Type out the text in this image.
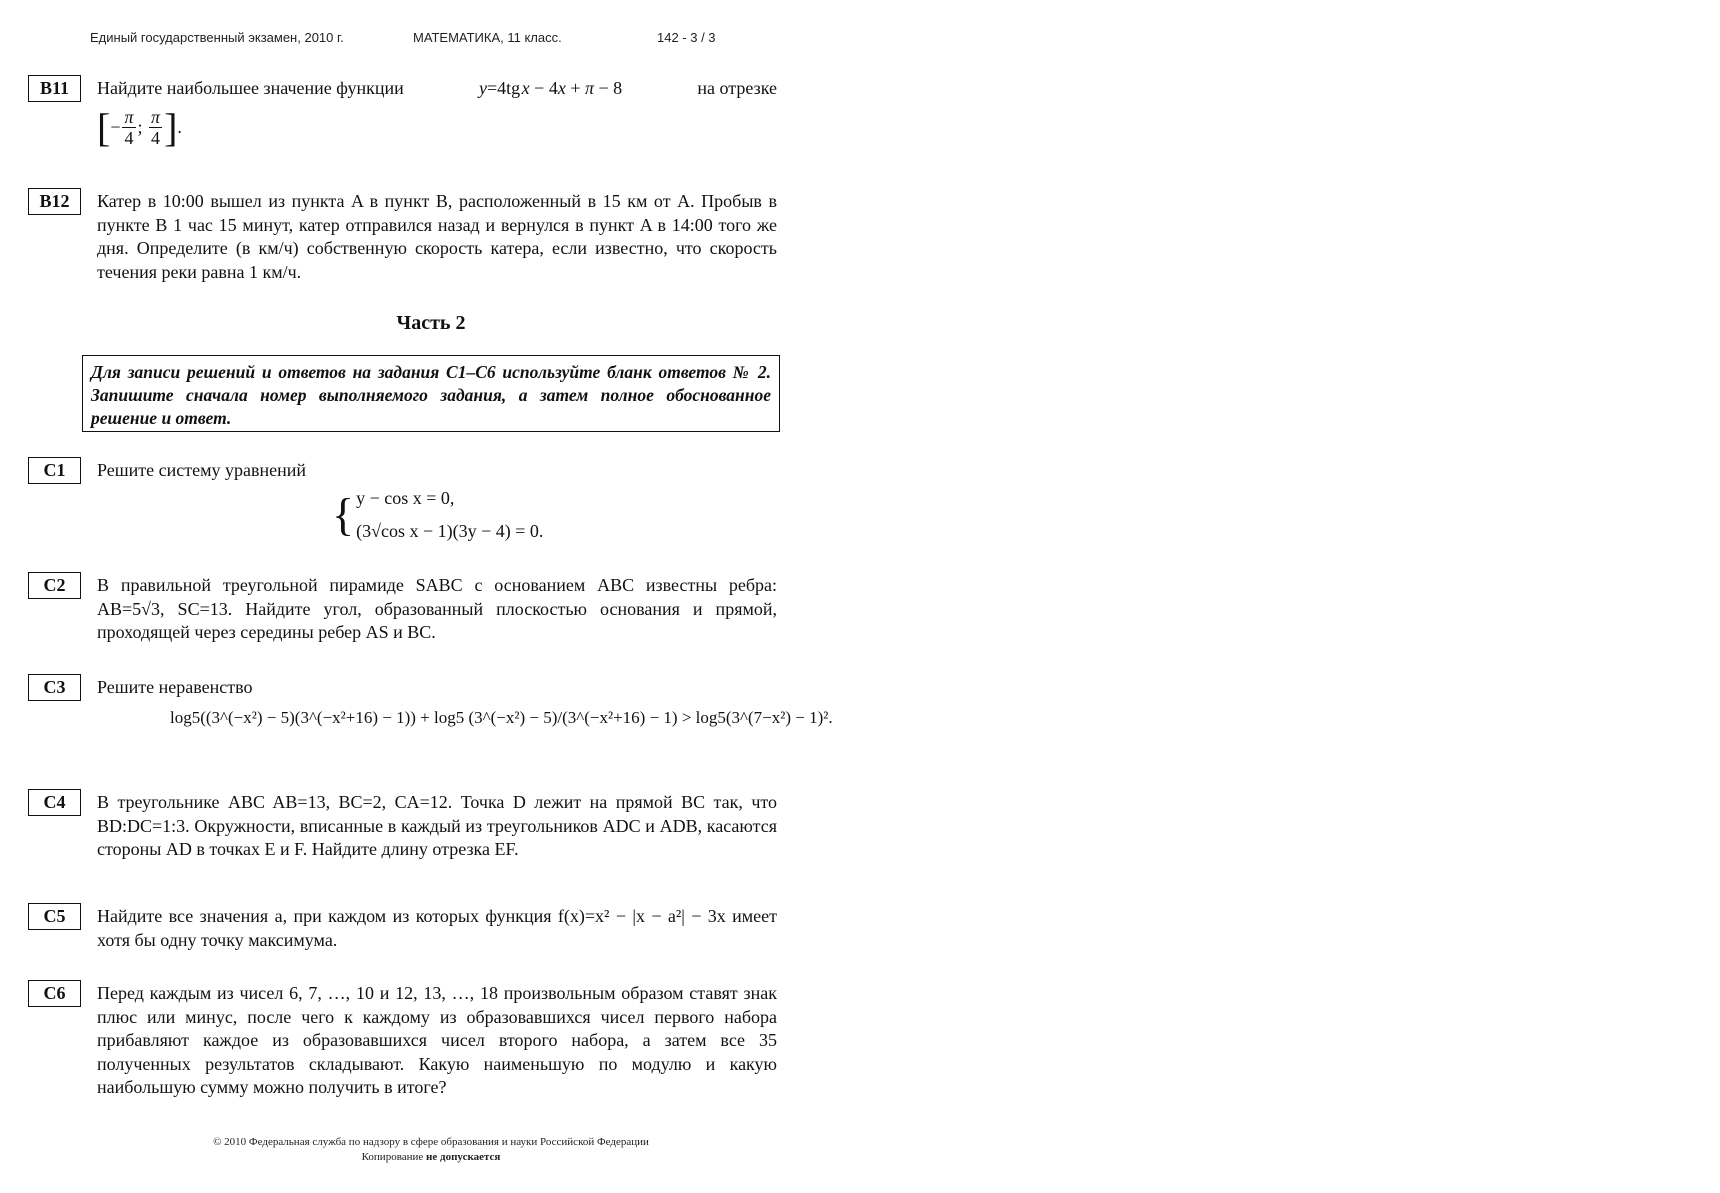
Единый государственный экзамен, 2010 г.	МАТЕМАТИКА, 11 класс.	142 - 3 / 3
B11	Найдите наибольшее значение функции	y=4tg x − 4x + π − 8	на отрезке
[ − $\frac{\pi}{4}$ ; π
4 ] .
B12	Катер в 10:00 вышел из пункта A в пункт B, расположенный в 15 км от A. Пробыв в пункте B 1 час 15 минут, катер отправился назад и вернулся в пункт A в 14:00 того же дня. Определите (в км/ч) собственную скорость катера, если известно, что скорость течения реки равна 1 км/ч.
Часть 2
Для записи решений и ответов на задания С1–С6 используйте бланк ответов № 2. Запишите сначала номер выполняемого задания, а затем полное обоснованное решение и ответ.
C1	Решите систему уравнений
{ y − cos x = 0,
(3√cos x − 1)(3y − 4) = 0.
C2	В правильной треугольной пирамиде SABC с основанием ABC известны ребра: AB=5√3, SC=13. Найдите угол, образованный плоскостью основания и прямой, проходящей через середины ребер AS и BC.
C3	Решите неравенство
log5((3^(−x²) − 5)(3^(−x²+16) − 1)) + log5 (3^(−x²) − 5)/(3^(−x²+16) − 1) > log5(3^(7−x²) − 1)².
C4	В треугольнике ABC AB=13, BC=2, CA=12. Точка D лежит на прямой BC так, что BD:DC=1:3. Окружности, вписанные в каждый из треугольников ADC и ADB, касаются стороны AD в точках E и F. Найдите длину отрезка EF.
C5	Найдите все значения a, при каждом из которых функция f(x)=x² − |x − a²| − 3x имеет хотя бы одну точку максимума.
C6	Перед каждым из чисел 6, 7, …, 10 и 12, 13, …, 18 произвольным образом ставят знак плюс или минус, после чего к каждому из образовавшихся чисел первого набора прибавляют каждое из образовавшихся чисел второго набора, а затем все 35 полученных результатов складывают. Какую наименьшую по модулю и какую наибольшую сумму можно получить в итоге?
© 2010 Федеральная служба по надзору в сфере образования и науки Российской Федерации
Копирование не допускается
